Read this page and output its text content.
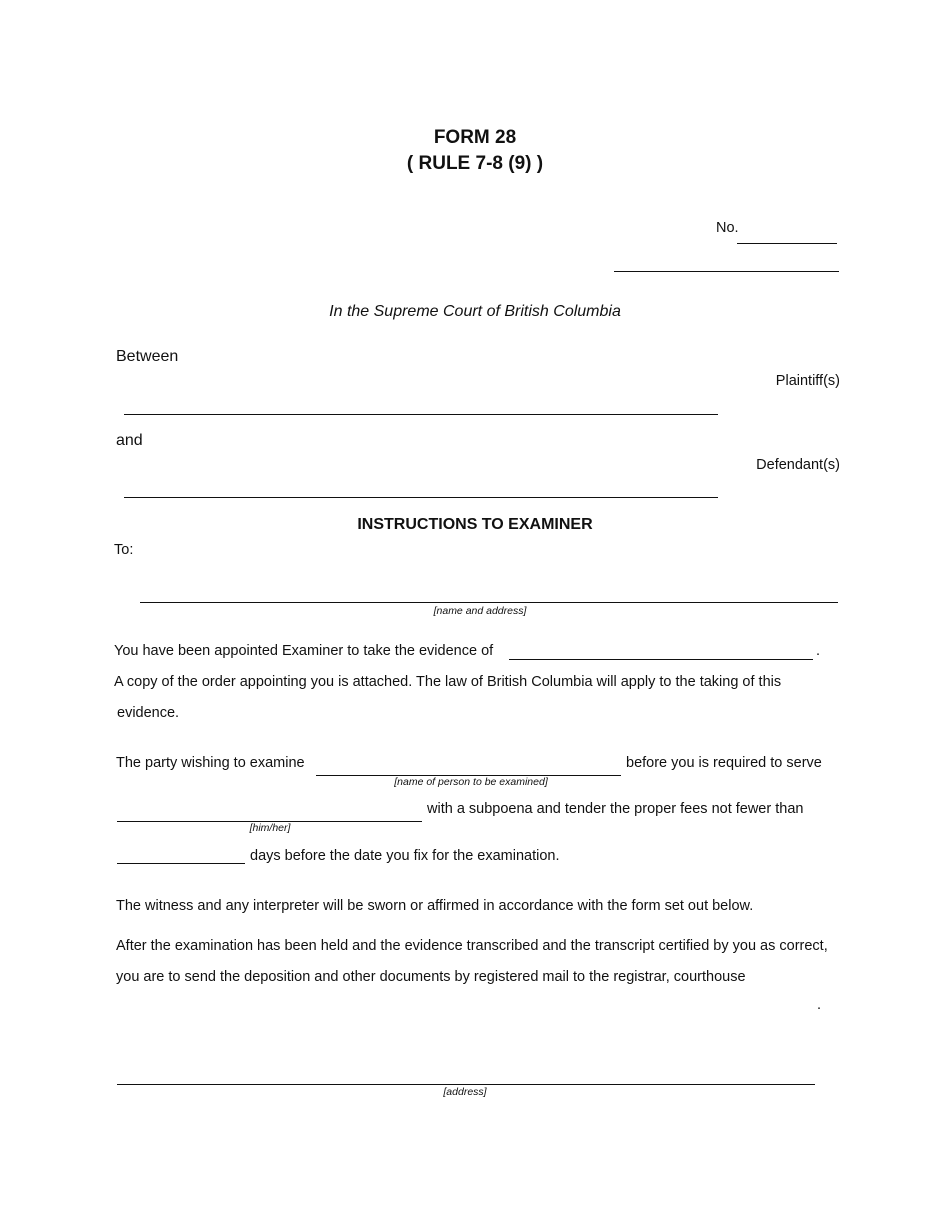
FORM 28
( RULE 7-8 (9) )
No.
In the Supreme Court of British Columbia
Between
Plaintiff(s)
and
Defendant(s)
INSTRUCTIONS TO EXAMINER
To:
[name and address]
You have been appointed Examiner to take the evidence of	.
A copy of the order appointing you is attached. The law of British Columbia will apply to the taking of this
evidence.
The party wishing to examine
[name of person to be examined]
before you is required to serve
[him/her]
with a subpoena and tender the proper fees not fewer than
days before the date you fix for the examination.
The witness and any interpreter will be sworn or affirmed in accordance with the form set out below.
After the examination has been held and the evidence transcribed and the transcript certified by you as correct,
you are to send the deposition and other documents by registered mail to the registrar, courthouse
.
[address]
